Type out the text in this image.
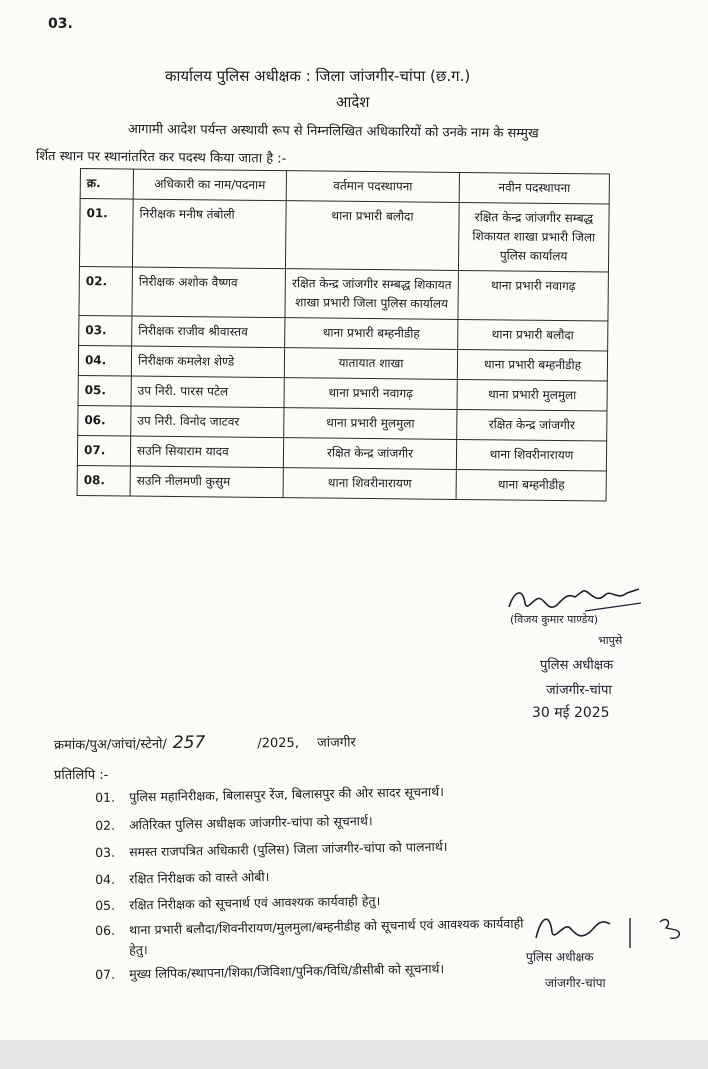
03.
कार्यालय पुलिस अधीक्षक : जिला जांजगीर-चांपा (छ.ग.)
आदेश
आगामी आदेश पर्यन्त अस्थायी रूप से निम्नलिखित अधिकारियों को उनके नाम के सम्मुख
र्शित स्थान पर स्थानांतरित कर पदस्थ किया जाता है :-
क्र.	अधिकारी का नाम/पदनाम	वर्तमान पदस्थापना	नवीन पदस्थापना
01.	निरीक्षक मनीष तंबोली	थाना प्रभारी बलौदा	रक्षित केन्द्र जांजगीर सम्बद्ध शिकायत शाखा प्रभारी जिला पुलिस कार्यालय
02.	निरीक्षक अशोक वैष्णव	रक्षित केन्द्र जांजगीर सम्बद्ध शिकायत शाखा प्रभारी जिला पुलिस कार्यालय	थाना प्रभारी नवागढ़
03.	निरीक्षक राजीव श्रीवास्तव	थाना प्रभारी बम्हनीडीह	थाना प्रभारी बलौदा
04.	निरीक्षक कमलेश शेण्डे	यातायात शाखा	थाना प्रभारी बम्हनीडीह
05.	उप निरी. पारस पटेल	थाना प्रभारी नवागढ़	थाना प्रभारी मुलमुला
06.	उप निरी. विनोद जाटवर	थाना प्रभारी मुलमुला	रक्षित केन्द्र जांजगीर
07.	सउनि सियाराम यादव	रक्षित केन्द्र जांजगीर	थाना शिवरीनारायण
08.	सउनि नीलमणी कुसुम	थाना शिवरीनारायण	थाना बम्हनीडीह
(विजय कुमार पाण्डेय)
भापुसे
पुलिस अधीक्षक
जांजगीर-चांपा
30 मई 2025
क्रमांक/पुअ/जांचां/स्टेनो/ 257	/2025, जांजगीर
प्रतिलिपि :-
01. पुलिस महानिरीक्षक, बिलासपुर रेंज, बिलासपुर की ओर सादर सूचनार्थ।
02. अतिरिक्त पुलिस अधीक्षक जांजगीर-चांपा को सूचनार्थ।
03. समस्त राजपत्रित अधिकारी (पुलिस) जिला जांजगीर-चांपा को पालनार्थ।
04. रक्षित निरीक्षक को वास्ते ओबी।
05. रक्षित निरीक्षक को सूचनार्थ एवं आवश्यक कार्यवाही हेतु।
06. थाना प्रभारी बलौदा/शिवनीरायण/मुलमुला/बम्हनीडीह को सूचनार्थ एवं आवश्यक कार्यवाही
हेतु।
07. मुख्य लिपिक/स्थापना/शिका/जिविशा/पुनिक/विधि/डीसीबी को सूचनार्थ।
पुलिस अधीक्षक
जांजगीर-चांपा
